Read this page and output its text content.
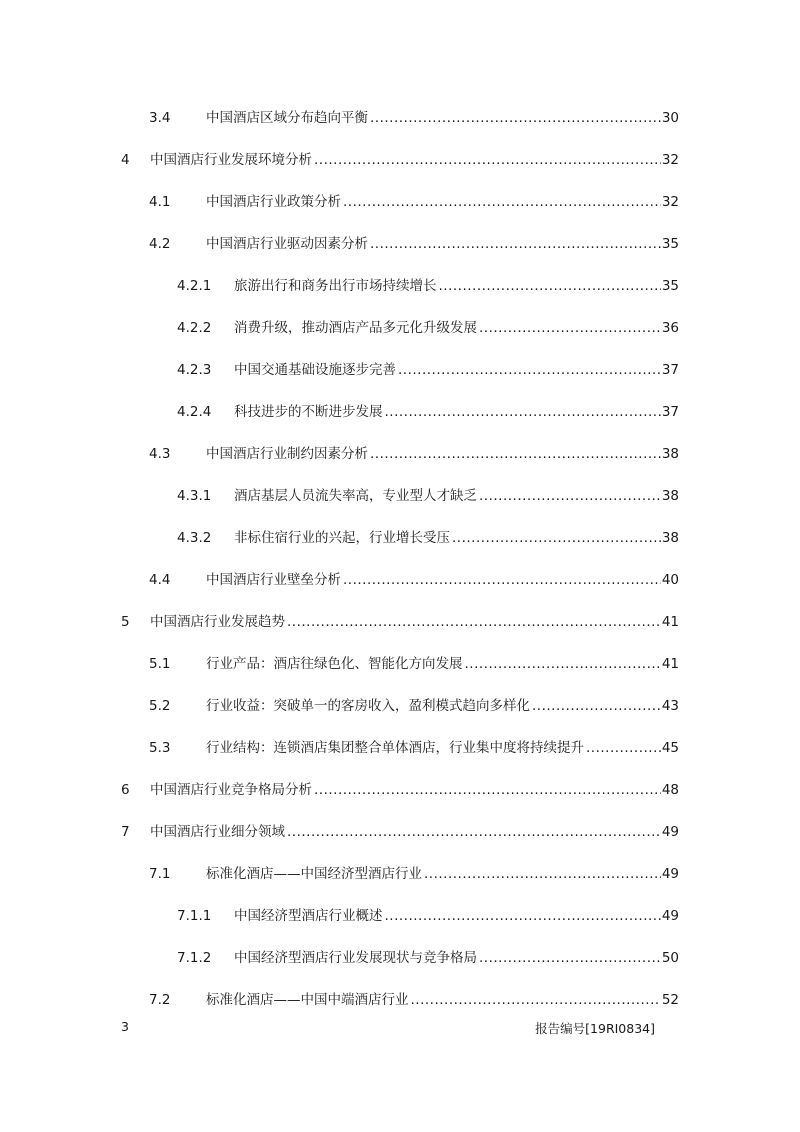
3.4	中国酒店区域分布趋向平衡 .....	30
4 中国酒店行业发展环境分析 .....	32
4.1	中国酒店行业政策分析 .....	32
4.2	中国酒店行业驱动因素分析 .....	35
4.2.1 旅游出行和商务出行市场持续增长 .....	35
4.2.2 消费升级，推动酒店产品多元化升级发展 .....	36
4.2.3 中国交通基础设施逐步完善 .....	37
4.2.4 科技进步的不断进步发展 .....	37
4.3	中国酒店行业制约因素分析 .....	38
4.3.1 酒店基层人员流失率高，专业型人才缺乏 .....	38
4.3.2 非标住宿行业的兴起，行业增长受压 .....	38
4.4	中国酒店行业壁垒分析 .....	40
5 中国酒店行业发展趋势 .....	41
5.1	行业产品：酒店往绿色化、智能化方向发展 .....	41
5.2	行业收益：突破单一的客房收入，盈利模式趋向多样化 .....	43
5.3	行业结构：连锁酒店集团整合单体酒店，行业集中度将持续提升 .....	45
6 中国酒店行业竞争格局分析 .....	48
7 中国酒店行业细分领域 .....	49
7.1	标准化酒店——中国经济型酒店行业 .....	49
7.1.1 中国经济型酒店行业概述 .....	49
7.1.2 中国经济型酒店行业发展现状与竞争格局 .....	50
7.2	标准化酒店——中国中端酒店行业 .....	52
3	报告编号[19RI0834]
